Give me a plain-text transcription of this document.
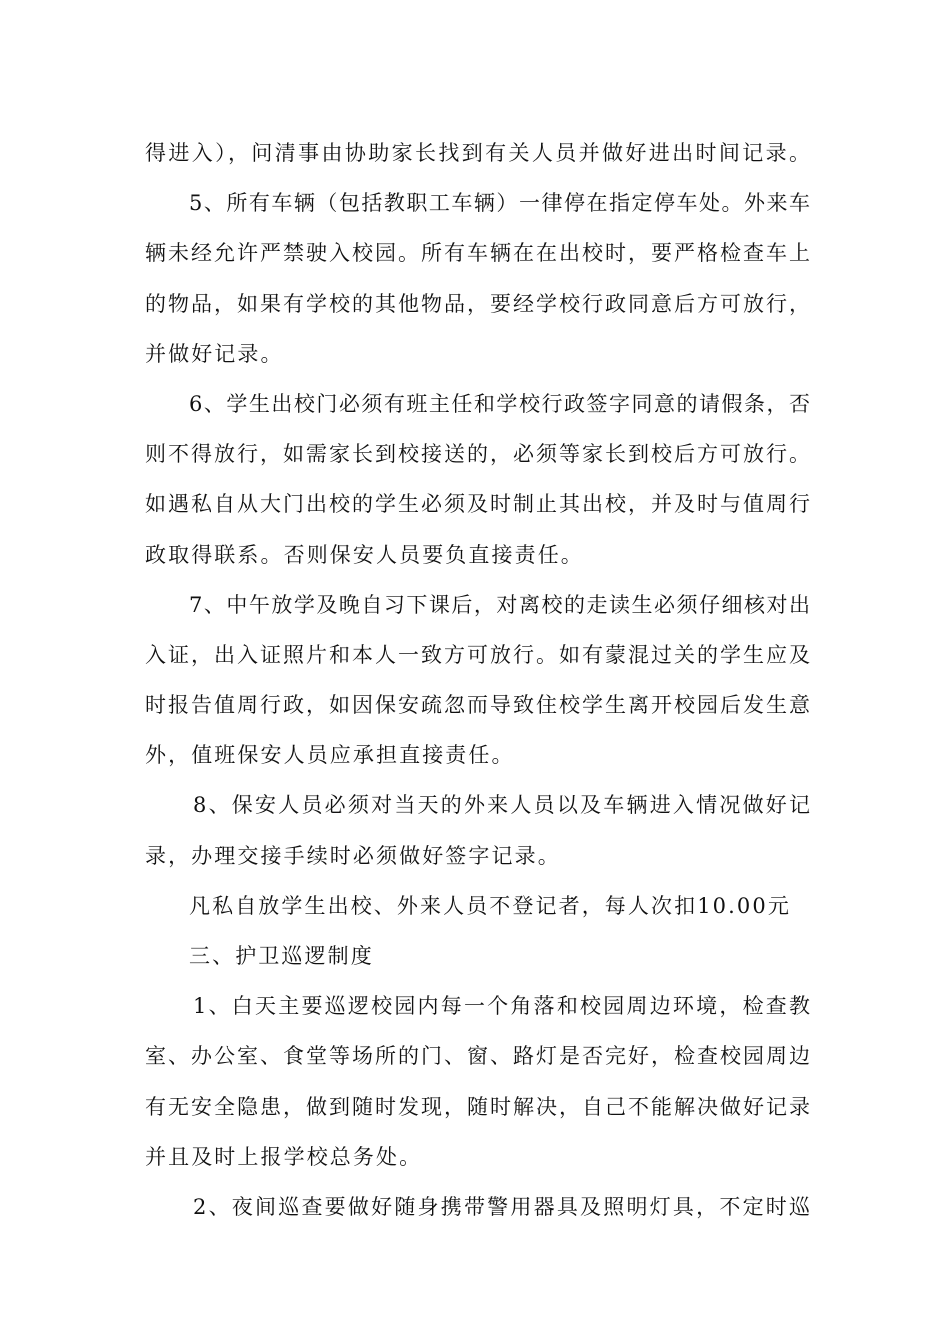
得进入），问清事由协助家长找到有关人员并做好进出时间记录。

5、所有车辆（包括教职工车辆）一律停在指定停车处。外来车

辆未经允许严禁驶入校园。所有车辆在在出校时，要严格检查车上

的物品，如果有学校的其他物品，要经学校行政同意后方可放行，

并做好记录。

6、学生出校门必须有班主任和学校行政签字同意的请假条，否

则不得放行，如需家长到校接送的，必须等家长到校后方可放行。

如遇私自从大门出校的学生必须及时制止其出校，并及时与值周行

政取得联系。否则保安人员要负直接责任。

7、中午放学及晚自习下课后，对离校的走读生必须仔细核对出

入证，出入证照片和本人一致方可放行。如有蒙混过关的学生应及

时报告值周行政，如因保安疏忽而导致住校学生离开校园后发生意

外，值班保安人员应承担直接责任。

8、保安人员必须对当天的外来人员以及车辆进入情况做好记

录，办理交接手续时必须做好签字记录。

凡私自放学生出校、外来人员不登记者，每人次扣10.00元

三、护卫巡逻制度

1、白天主要巡逻校园内每一个角落和校园周边环境，检查教

室、办公室、食堂等场所的门、窗、路灯是否完好，检查校园周边

有无安全隐患，做到随时发现，随时解决，自己不能解决做好记录

并且及时上报学校总务处。

2、夜间巡查要做好随身携带警用器具及照明灯具，不定时巡
